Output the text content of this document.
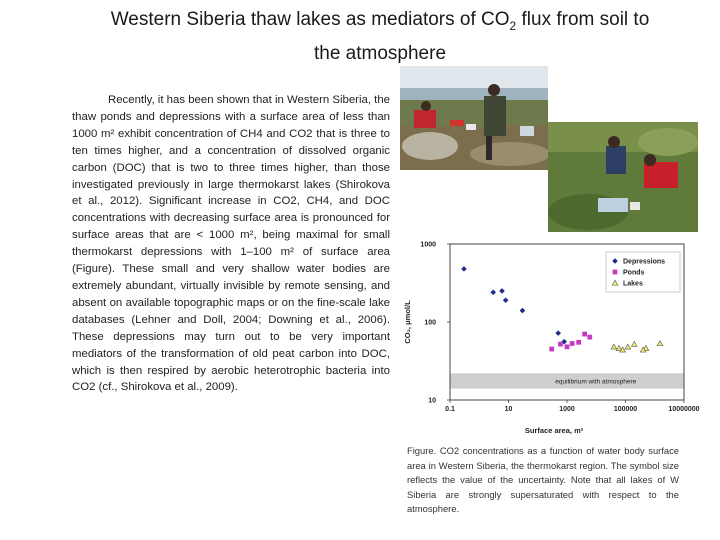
Western Siberia thaw lakes as mediators of $CO_2$ flux from soil to
the atmosphere

Recently, it has been shown that in Western Siberia, the thaw ponds and depressions with a surface area of less than 1000 m² exhibit concentration of CH4 and CO2 that is three to ten times higher, and a concentration of dissolved organic carbon (DOC) that is two to three times higher, than those investigated previously in large thermokarst lakes (Shirokova et al., 2012). Significant increase in CO2, CH4, and DOC concentrations with decreasing surface area is pronounced for surface areas that are < 1000 m², being maximal for small thermokarst depressions with 1–100 m² of surface area (Figure). These small and very shallow water bodies are extremely abundant, virtually invisible by remote sensing, and absent on available topographic maps or on the fine-scale lake databases (Lehner and Doll, 2004; Downing et al., 2006). These depressions may turn out to be very important mediators of the transformation of old peat carbon into DOC, which is then respired by aerobic heterotrophic bacteria into CO2 (cf., Shirokova et al., 2009).	equilibrium with atmosphere
0.1	10	1000	100000	10000000
10
100
1000
Depressions
Ponds
Lakes
CO₂, μmol/L
Surface area, m²
Figure. CO2 concentrations as a function of water body surface area in Western Siberia, the thermokarst region. The symbol size reflects the value of the uncertainty. Note that all lakes of W Siberia are strongly supersaturated with respect to the atmosphere.
